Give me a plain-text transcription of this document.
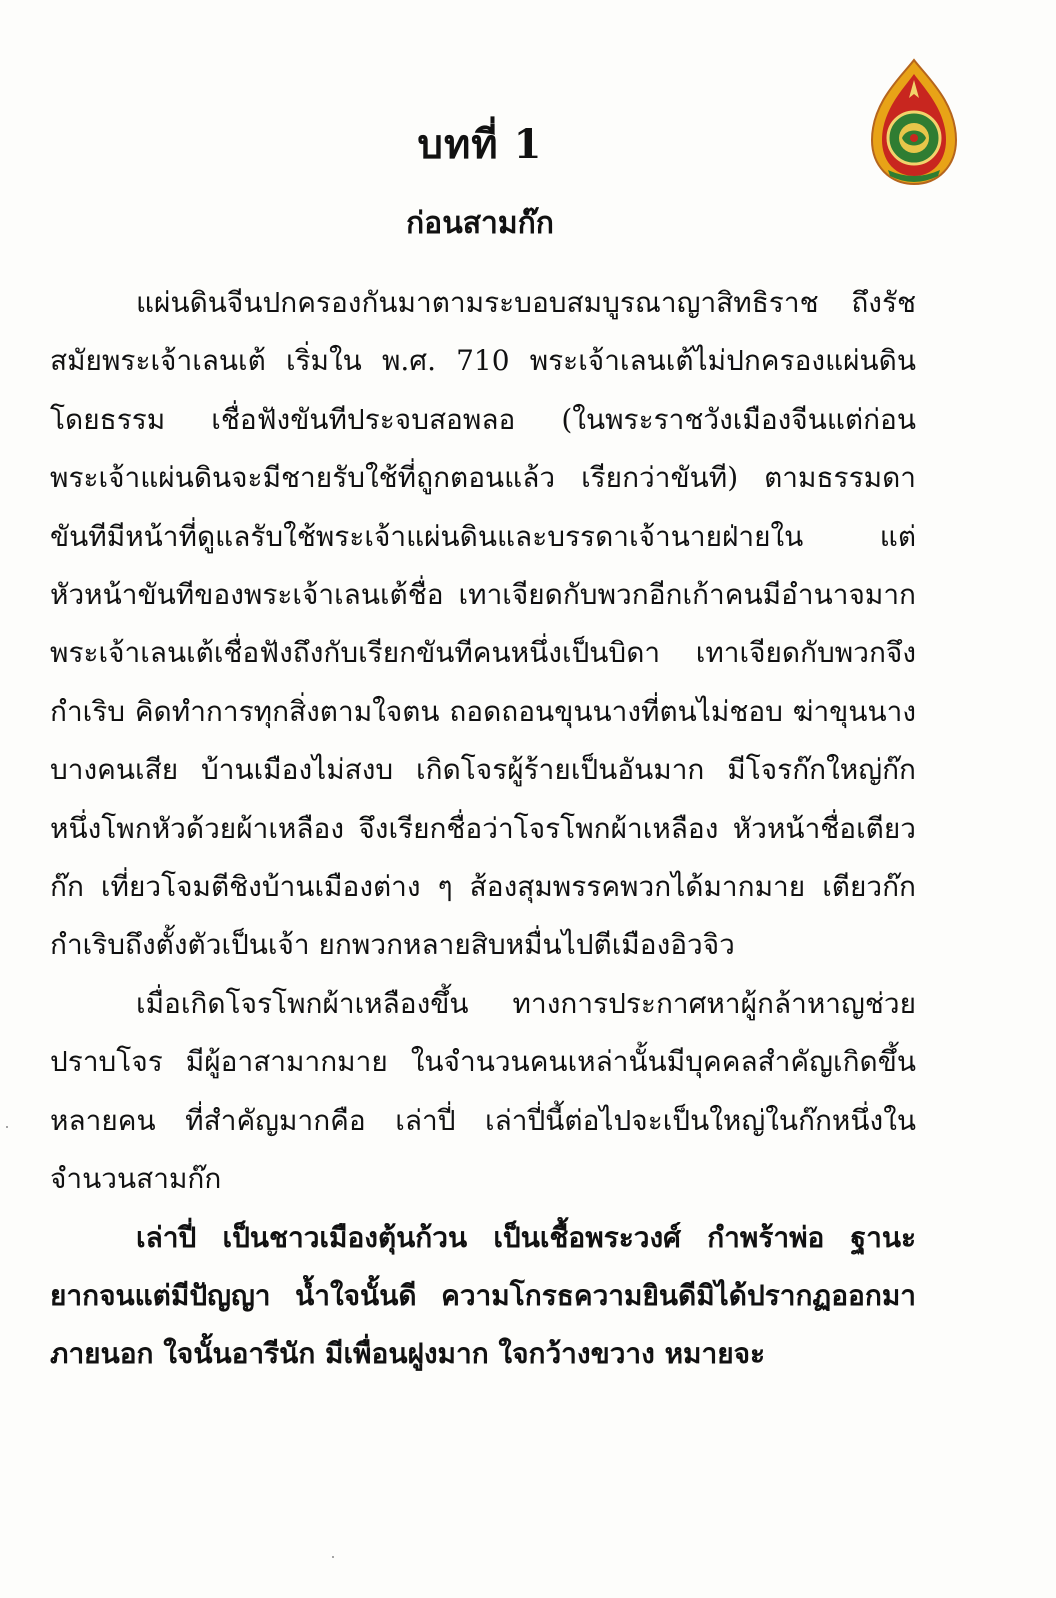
บทที่ 1
ก่อนสามก๊ก

แผ่นดินจีนปกครองกันมาตามระบอบสมบูรณาญาสิทธิราช ถึงรัชสมัยพระเจ้าเลนเต้ เริ่มใน พ.ศ. 710 พระเจ้าเลนเต้ไม่ปกครองแผ่นดินโดยธรรม เชื่อฟังขันทีประจบสอพลอ (ในพระราชวังเมืองจีนแต่ก่อน พระเจ้าแผ่นดินจะมีชายรับใช้ที่ถูกตอนแล้ว เรียกว่าขันที) ตามธรรมดาขันทีมีหน้าที่ดูแลรับใช้พระเจ้าแผ่นดินและบรรดาเจ้านายฝ่ายใน แต่หัวหน้าขันทีของพระเจ้าเลนเต้ชื่อ เทาเจียดกับพวกอีกเก้าคนมีอำนาจมาก พระเจ้าเลนเต้เชื่อฟังถึงกับเรียกขันทีคนหนึ่งเป็นบิดา เทาเจียดกับพวกจึงกำเริบ คิดทำการทุกสิ่งตามใจตน ถอดถอนขุนนางที่ตนไม่ชอบ ฆ่าขุนนางบางคนเสีย บ้านเมืองไม่สงบ เกิดโจรผู้ร้ายเป็นอันมาก มีโจรก๊กใหญ่ก๊กหนึ่งโพกหัวด้วยผ้าเหลือง จึงเรียกชื่อว่าโจรโพกผ้าเหลือง หัวหน้าชื่อเตียวก๊ก เที่ยวโจมตีชิงบ้านเมืองต่าง ๆ ส้องสุมพรรคพวกได้มากมาย เตียวก๊กกำเริบถึงตั้งตัวเป็นเจ้า ยกพวกหลายสิบหมื่นไปตีเมืองอิวจิว

เมื่อเกิดโจรโพกผ้าเหลืองขึ้น ทางการประกาศหาผู้กล้าหาญช่วยปราบโจร มีผู้อาสามากมาย ในจำนวนคนเหล่านั้นมีบุคคลสำคัญเกิดขึ้นหลายคน ที่สำคัญมากคือ เล่าปี่ เล่าปี่นี้ต่อไปจะเป็นใหญ่ในก๊กหนึ่งในจำนวนสามก๊ก

เล่าปี่ เป็นชาวเมืองตุ้นก้วน เป็นเชื้อพระวงศ์ กำพร้าพ่อ ฐานะยากจนแต่มีปัญญา น้ำใจนั้นดี ความโกรธความยินดีมิได้ปรากฏออกมาภายนอก ใจนั้นอารีนัก มีเพื่อนฝูงมาก ใจกว้างขวาง หมายจะ
